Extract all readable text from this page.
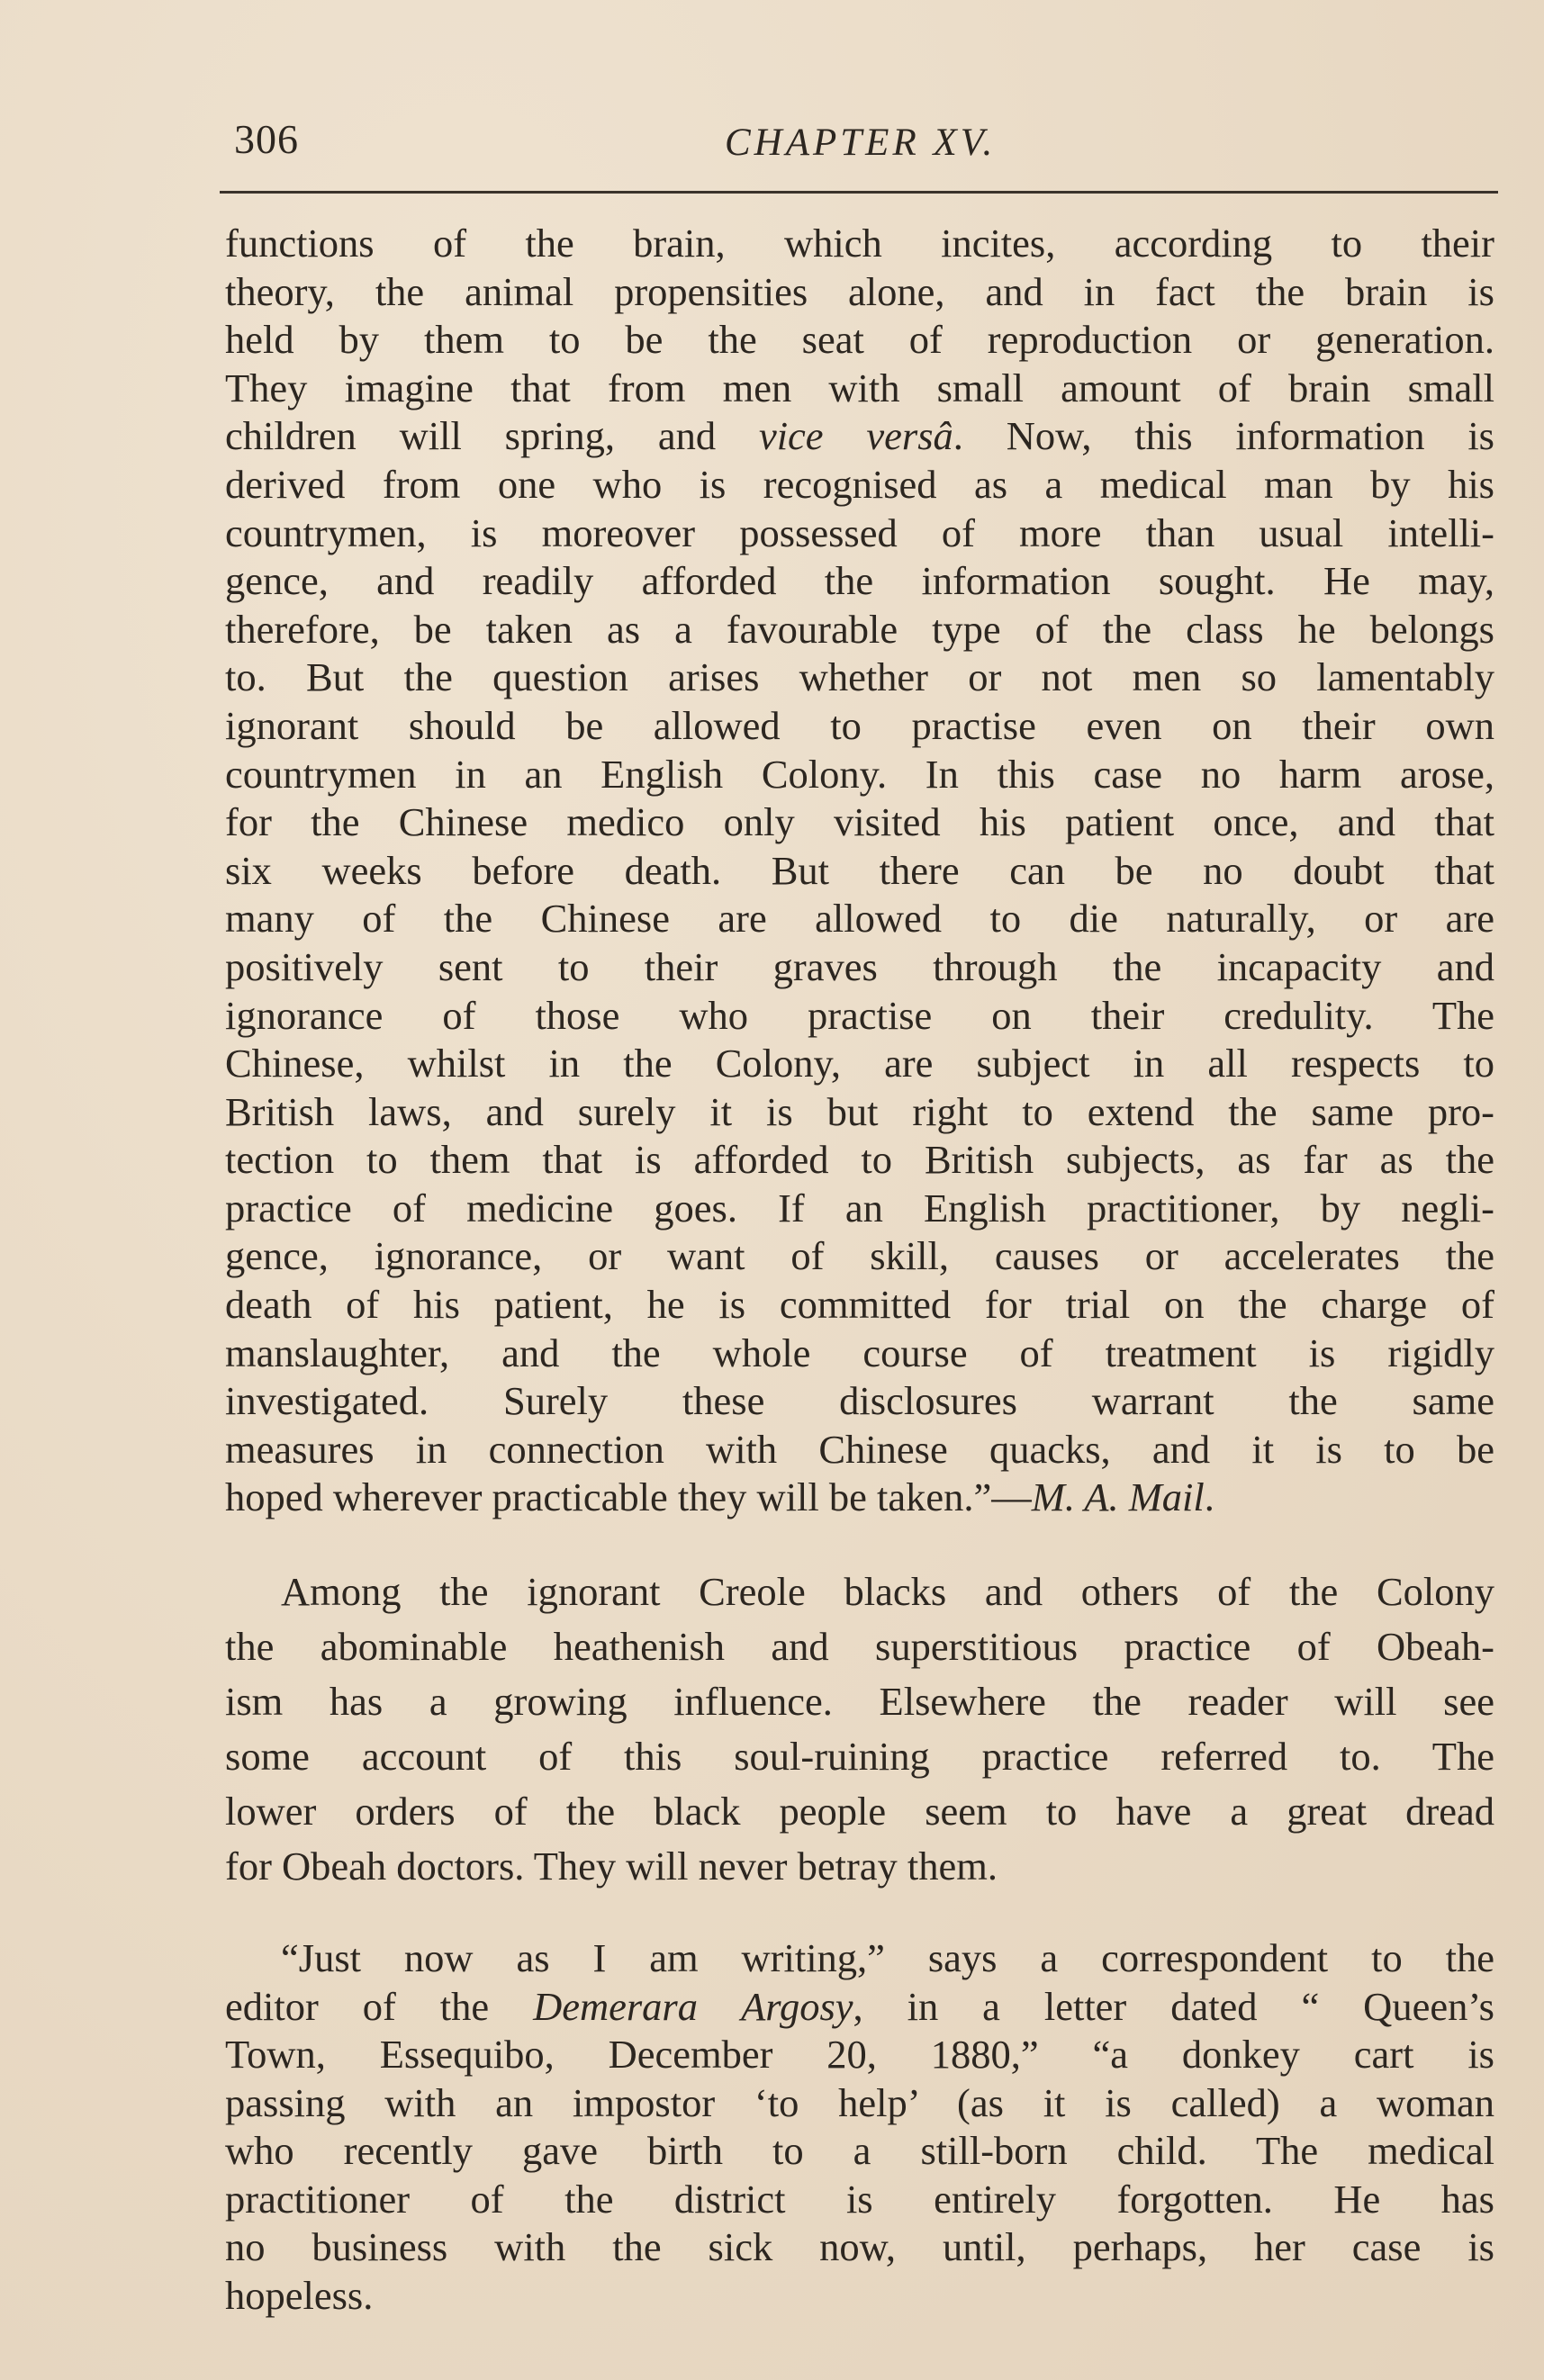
306	CHAPTER XV.
functions of the brain, which incites, according to their
theory, the animal propensities alone, and in fact the brain is
held by them to be the seat of reproduction or generation.
They imagine that from men with small amount of brain small
children will spring, and vice versâ. Now, this information is
derived from one who is recognised as a medical man by his
countrymen, is moreover possessed of more than usual intelli-
gence, and readily afforded the information sought. He may,
therefore, be taken as a favourable type of the class he belongs
to. But the question arises whether or not men so lamentably
ignorant should be allowed to practise even on their own
countrymen in an English Colony. In this case no harm arose,
for the Chinese medico only visited his patient once, and that
six weeks before death. But there can be no doubt that
many of the Chinese are allowed to die naturally, or are
positively sent to their graves through the incapacity and
ignorance of those who practise on their credulity. The
Chinese, whilst in the Colony, are subject in all respects to
British laws, and surely it is but right to extend the same pro-
tection to them that is afforded to British subjects, as far as the
practice of medicine goes. If an English practitioner, by negli-
gence, ignorance, or want of skill, causes or accelerates the
death of his patient, he is committed for trial on the charge of
manslaughter, and the whole course of treatment is rigidly
investigated. Surely these disclosures warrant the same
measures in connection with Chinese quacks, and it is to be
hoped wherever practicable they will be taken.”—M. A. Mail.
Among the ignorant Creole blacks and others of the Colony
the abominable heathenish and superstitious practice of Obeah-
ism has a growing influence. Elsewhere the reader will see
some account of this soul-ruining practice referred to. The
lower orders of the black people seem to have a great dread
for Obeah doctors. They will never betray them.
“Just now as I am writing,” says a correspondent to the
editor of the Demerara Argosy, in a letter dated “ Queen’s
Town, Essequibo, December 20, 1880,” “a donkey cart is
passing with an impostor ‘to help’ (as it is called) a woman
who recently gave birth to a still-born child. The medical
practitioner of the district is entirely forgotten. He has
no business with the sick now, until, perhaps, her case is
hopeless.
